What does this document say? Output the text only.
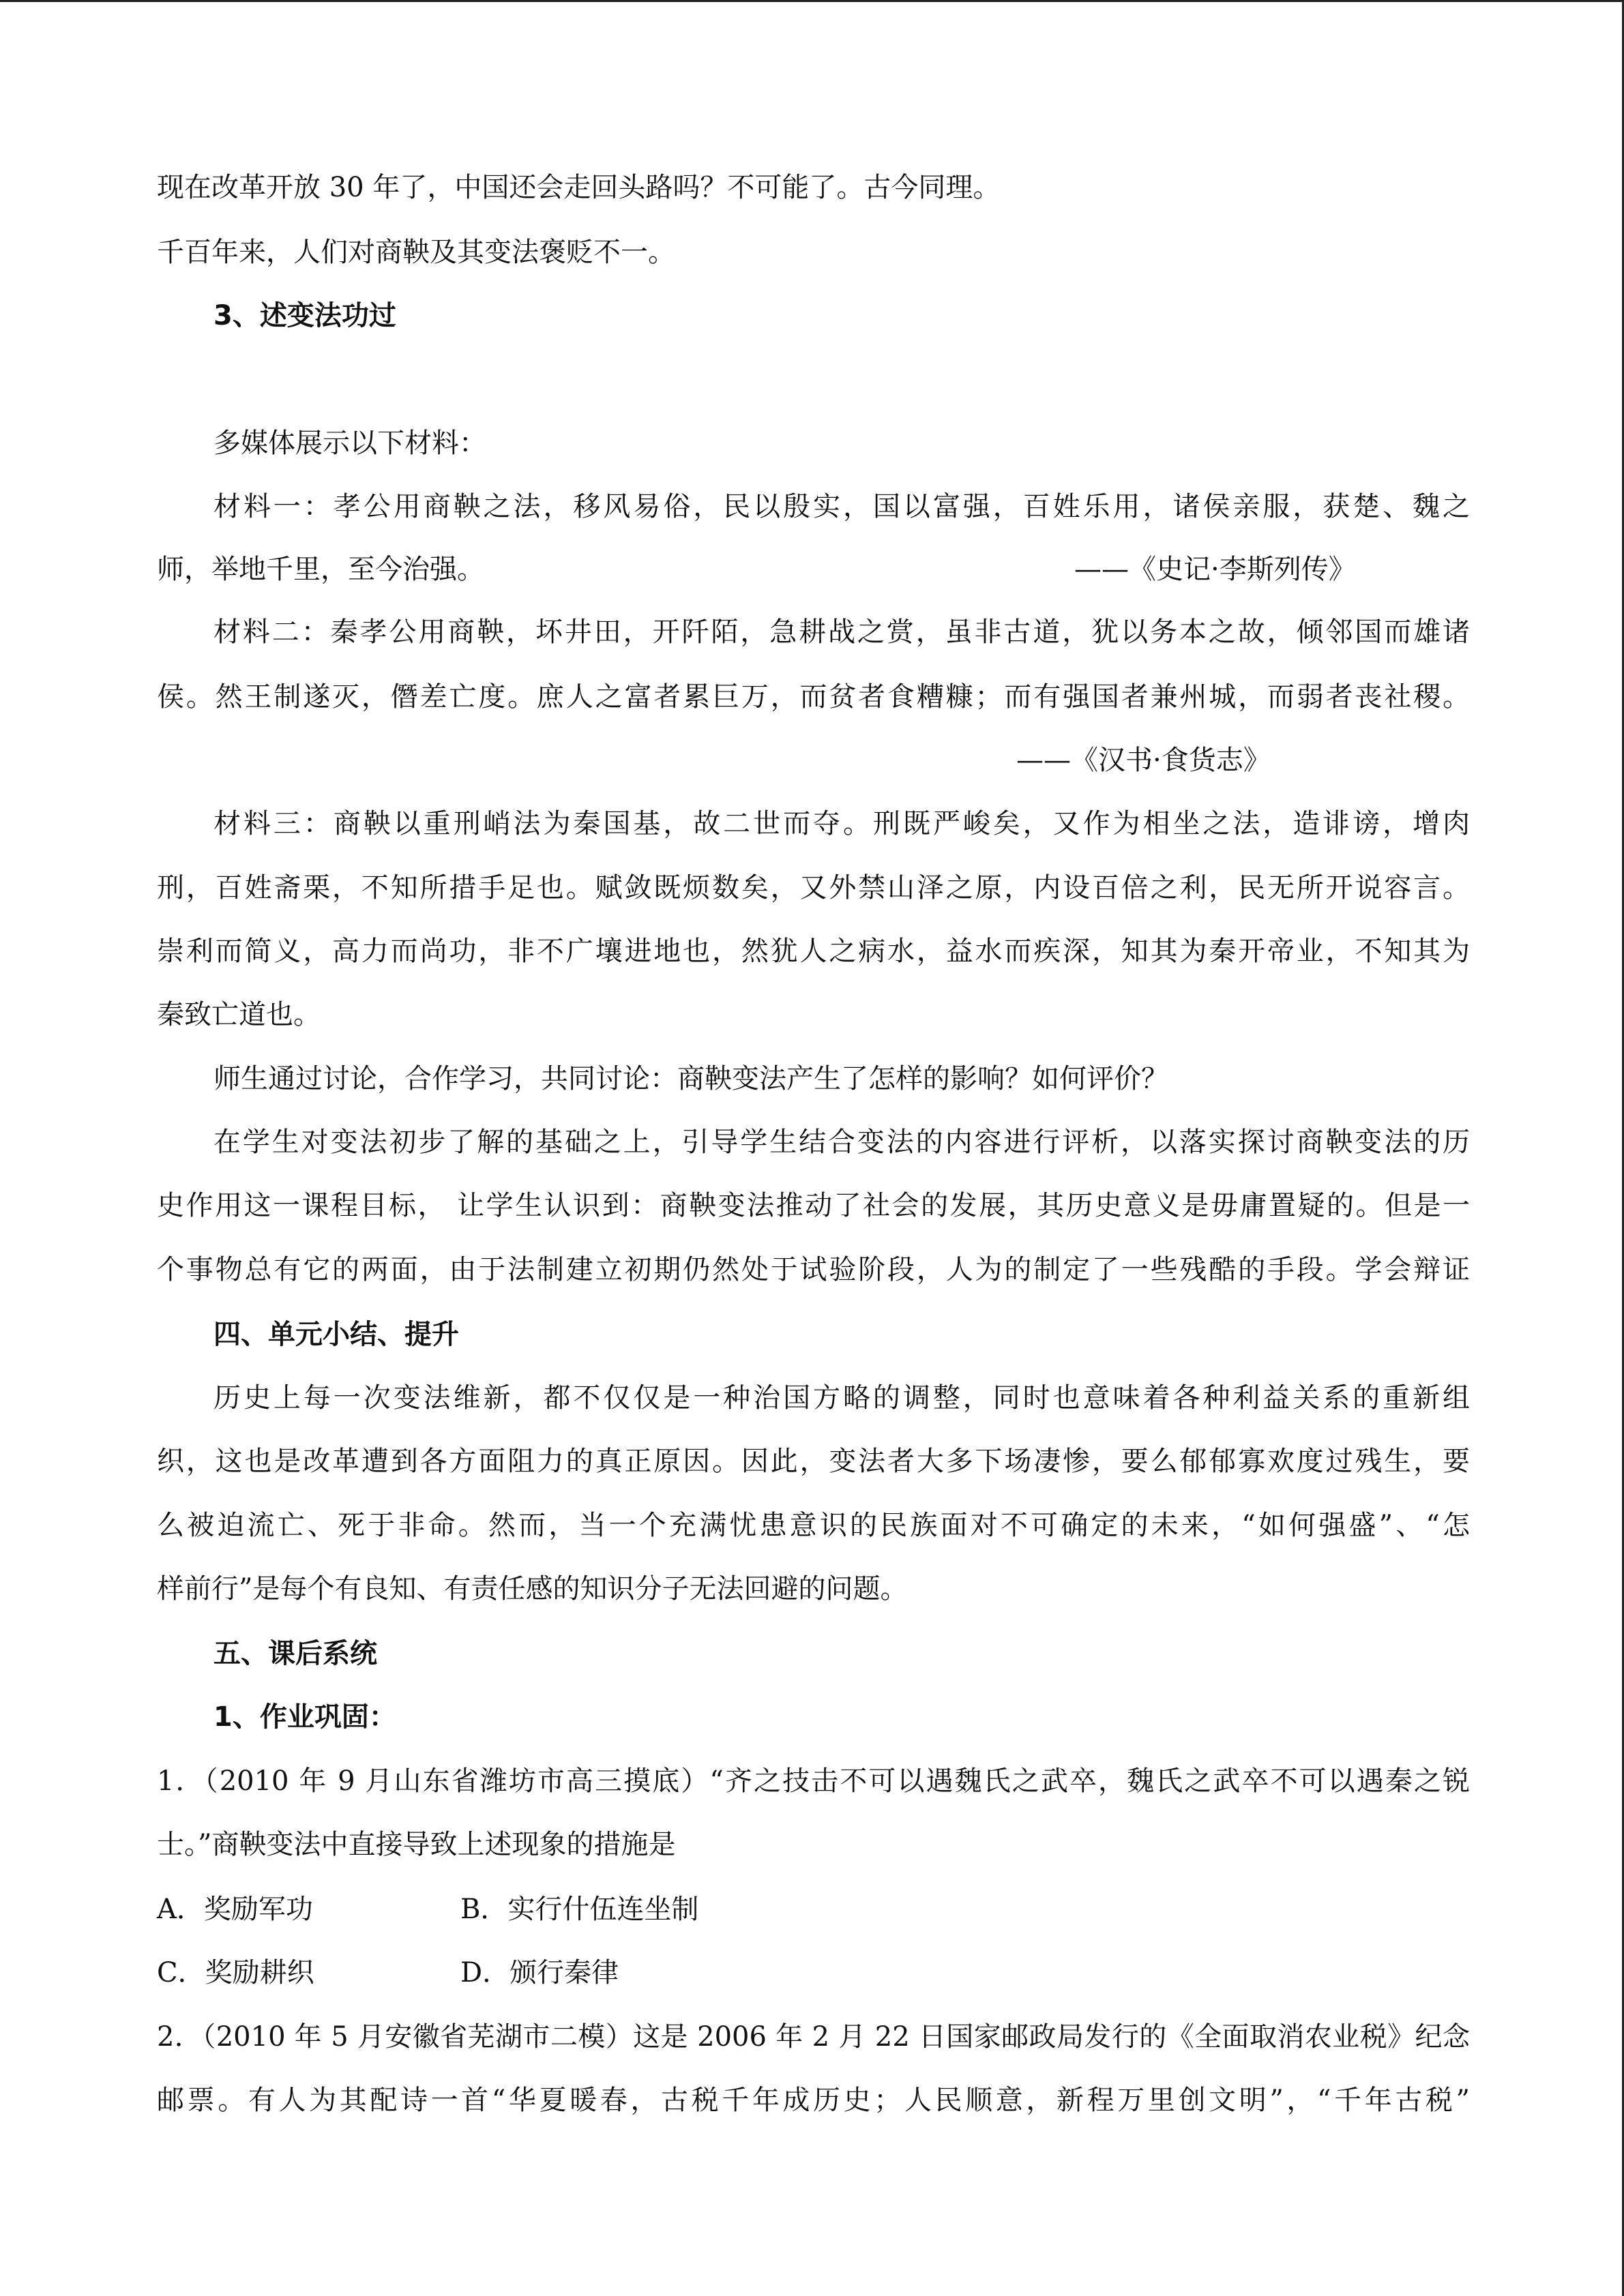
现在改革开放 30 年了，中国还会走回头路吗？不可能了。古今同理。
千百年来，人们对商鞅及其变法褒贬不一。
3、述变法功过
多媒体展示以下材料：
材料一：孝公用商鞅之法，移风易俗，民以殷实，国以富强，百姓乐用，诸侯亲服，获楚、魏之
师，举地千里，至今治强。	——《史记·李斯列传》
材料二：秦孝公用商鞅，坏井田，开阡陌，急耕战之赏，虽非古道，犹以务本之故，倾邻国而雄诸
侯。然王制遂灭，僭差亡度。庶人之富者累巨万，而贫者食糟糠；而有强国者兼州城，而弱者丧社稷。
——《汉书·食货志》
材料三：商鞅以重刑峭法为秦国基，故二世而夺。刑既严峻矣，又作为相坐之法，造诽谤，增肉
刑，百姓斋栗，不知所措手足也。赋敛既烦数矣，又外禁山泽之原，内设百倍之利，民无所开说容言。
崇利而简义，高力而尚功，非不广壤进地也，然犹人之病水，益水而疾深，知其为秦开帝业，不知其为
秦致亡道也。
师生通过讨论，合作学习，共同讨论：商鞅变法产生了怎样的影响？如何评价？
在学生对变法初步了解的基础之上，引导学生结合变法的内容进行评析，以落实探讨商鞅变法的历
史作用这一课程目标， 让学生认识到：商鞅变法推动了社会的发展，其历史意义是毋庸置疑的。但是一
个事物总有它的两面，由于法制建立初期仍然处于试验阶段，人为的制定了一些残酷的手段。学会辩证
四、单元小结、提升
历史上每一次变法维新，都不仅仅是一种治国方略的调整，同时也意味着各种利益关系的重新组
织，这也是改革遭到各方面阻力的真正原因。因此，变法者大多下场凄惨，要么郁郁寡欢度过残生，要
么被迫流亡、死于非命。然而，当一个充满忧患意识的民族面对不可确定的未来，“如何强盛”、“怎
样前行”是每个有良知、有责任感的知识分子无法回避的问题。
五、课后系统
1、作业巩固：
1．（2010 年 9 月山东省潍坊市高三摸底）“齐之技击不可以遇魏氏之武卒，魏氏之武卒不可以遇秦之锐
士。”商鞅变法中直接导致上述现象的措施是
A．奖励军功	B．实行什伍连坐制
C．奖励耕织	D．颁行秦律
2．（2010 年 5 月安徽省芜湖市二模）这是 2006 年 2 月 22 日国家邮政局发行的《全面取消农业税》纪念
邮票。有人为其配诗一首“华夏暖春，古税千年成历史；人民顺意，新程万里创文明”，“千年古税”
